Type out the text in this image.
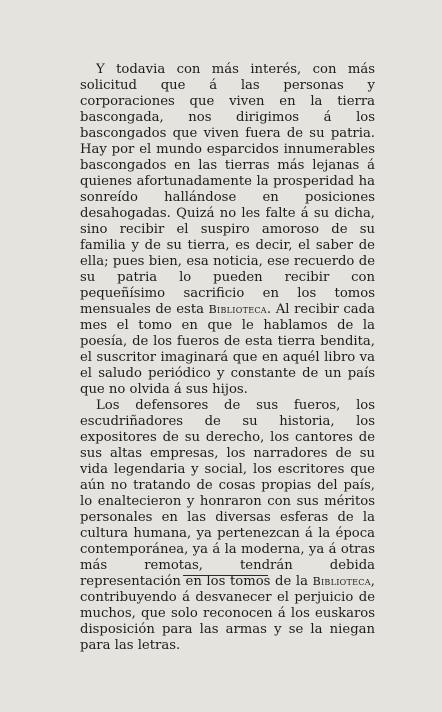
Y todavia con más interés, con más solicitud que á las personas y corporaciones que viven en la tierra bascongada, nos dirigimos á los bascongados que viven fuera de su patria. Hay por el mundo esparcidos innumerables bascongados en las tierras más lejanas á quienes afortunadamente la prosperidad ha sonreído hallándose en posiciones desahogadas. Quizá no les falte á su dicha, sino recibir el suspiro amoroso de su familia y de su tierra, es decir, el saber de ella; pues bien, esa noticia, ese recuerdo de su patria lo pueden recibir con pequeñísimo sacrificio en los tomos mensuales de esta Biblioteca. Al recibir cada mes el tomo en que le hablamos de la poesía, de los fueros de esta tierra bendita, el suscritor imaginará que en aquél libro va el saludo periódico y constante de un país que no olvida á sus hijos.

Los defensores de sus fueros, los escudriñadores de su historia, los expositores de su derecho, los cantores de sus altas empresas, los narradores de su vida legendaria y social, los escritores que aún no tratando de cosas propias del país, lo enaltecieron y honraron con sus méritos personales en las diversas esferas de la cultura humana, ya pertenezcan á la época contemporánea, ya á la moderna, ya á otras más remotas, tendrán debida representación en los tomos de la Biblioteca, contribuyendo á desvanecer el perjuicio de muchos, que solo reconocen á los euskaros disposición para las armas y se la niegan para las letras.
